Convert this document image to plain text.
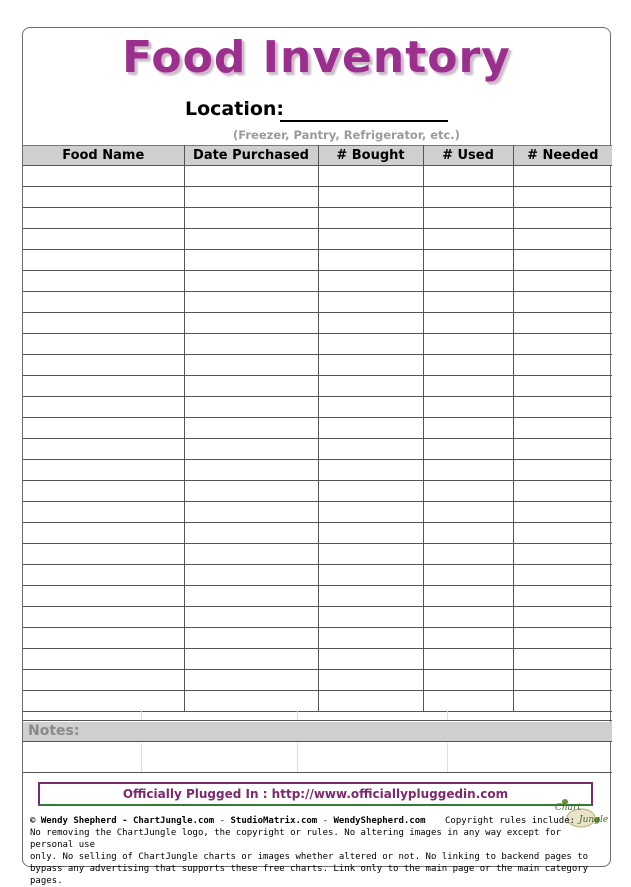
Food Inventory
Location:
(Freezer, Pantry, Refrigerator, etc.)
Food Name	Date Purchased	# Bought	# Used	# Needed

Notes:
Officially Plugged In : http://www.officiallypluggedin.com
Chart
Jungle
© Wendy Shepherd - ChartJungle.com - StudioMatrix.com - WendyShepherd.com Copyright rules include:
No removing the ChartJungle logo, the copyright or rules. No altering images in any way except for personal use
only. No selling of ChartJungle charts or images whether altered or not. No linking to backend pages to
bypass any advertising that supports these free charts. Link only to the main page or the main category pages.
